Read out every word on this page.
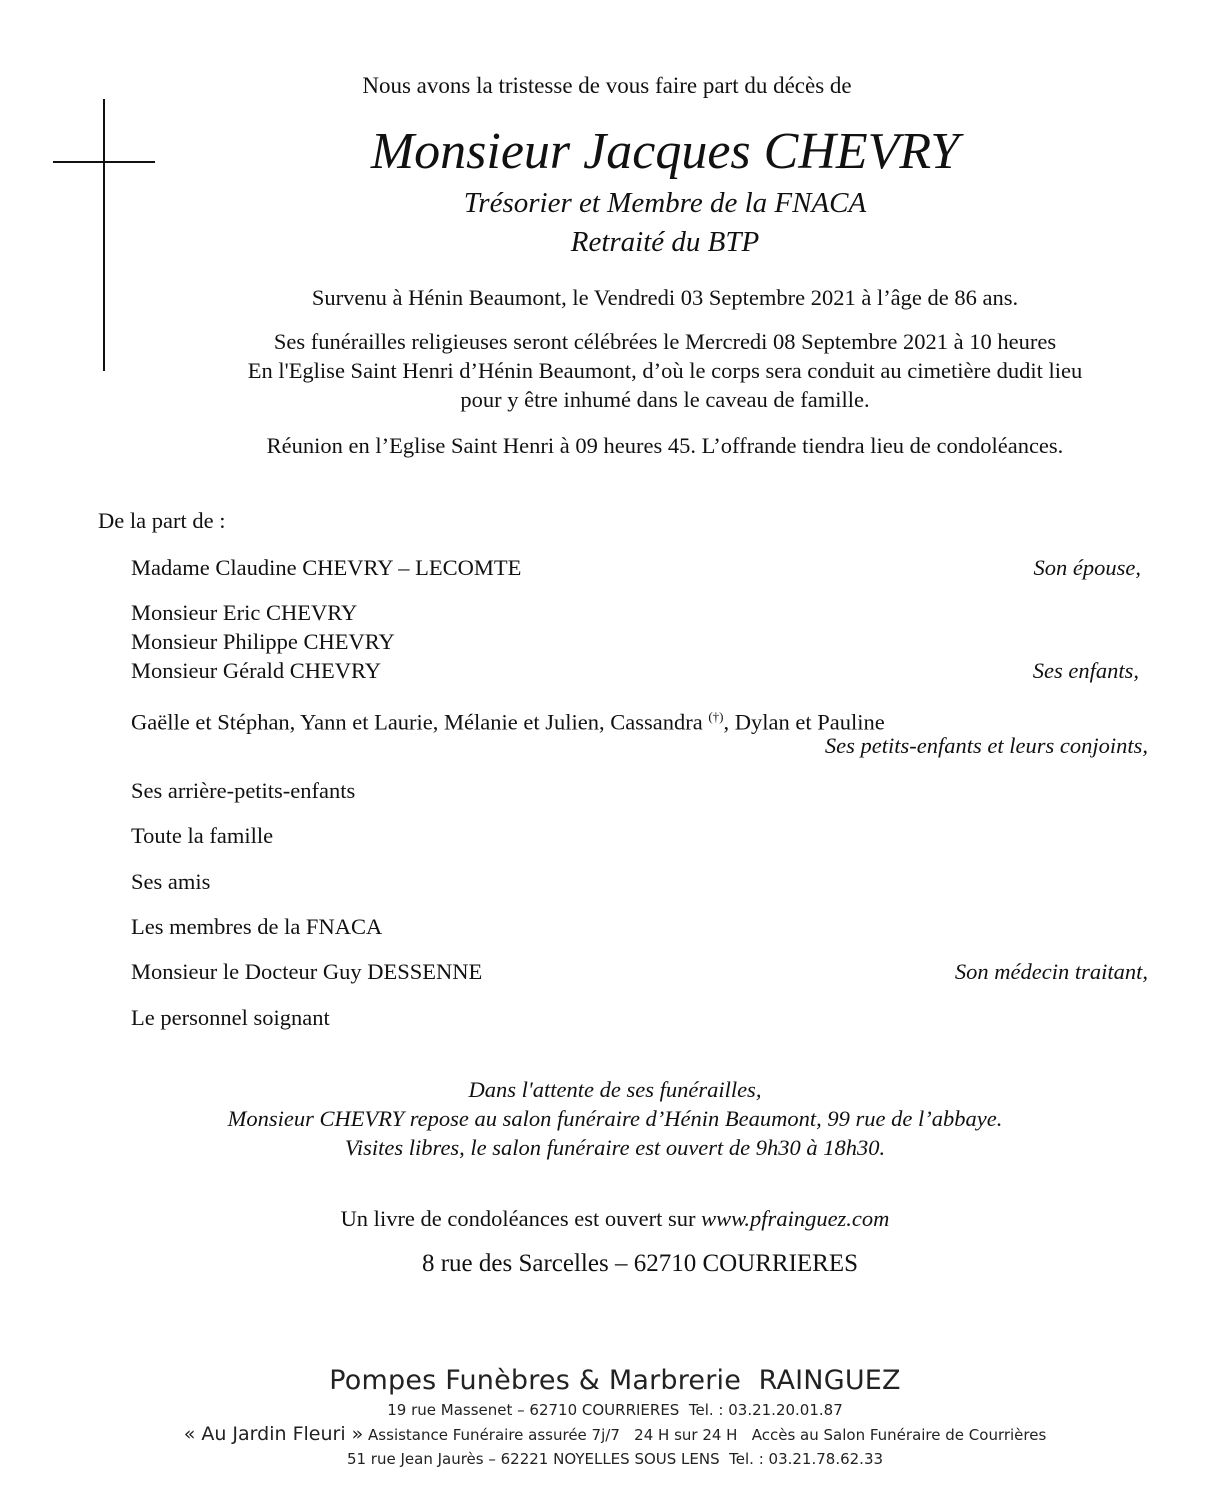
Nous avons la tristesse de vous faire part du décès de
Monsieur Jacques CHEVRY
Trésorier et Membre de la FNACA
Retraité du BTP
Survenu à Hénin Beaumont, le Vendredi 03 Septembre 2021 à l’âge de 86 ans.
Ses funérailles religieuses seront célébrées le Mercredi 08 Septembre 2021 à 10 heures
En l'Eglise Saint Henri d’Hénin Beaumont, d’où le corps sera conduit au cimetière dudit lieu
pour y être inhumé dans le caveau de famille.
Réunion en l’Eglise Saint Henri à 09 heures 45. L’offrande tiendra lieu de condoléances.
De la part de :
Madame Claudine CHEVRY – LECOMTE	Son épouse,
Monsieur Eric CHEVRY
Monsieur Philippe CHEVRY
Monsieur Gérald CHEVRY	Ses enfants,
Gaëlle et Stéphan, Yann et Laurie, Mélanie et Julien, Cassandra (†), Dylan et Pauline
Ses petits-enfants et leurs conjoints,
Ses arrière-petits-enfants
Toute la famille
Ses amis
Les membres de la FNACA
Monsieur le Docteur Guy DESSENNE	Son médecin traitant,
Le personnel soignant
Dans l'attente de ses funérailles,
Monsieur CHEVRY repose au salon funéraire d’Hénin Beaumont, 99 rue de l’abbaye.
Visites libres, le salon funéraire est ouvert de 9h30 à 18h30.
Un livre de condoléances est ouvert sur www.pfrainguez.com
8 rue des Sarcelles – 62710 COURRIERES
Pompes Funèbres & Marbrerie  RAINGUEZ
19 rue Massenet – 62710 COURRIERES  Tel. : 03.21.20.01.87
« Au Jardin Fleuri » Assistance Funéraire assurée 7j/7   24 H sur 24 H   Accès au Salon Funéraire de Courrières
51 rue Jean Jaurès – 62221 NOYELLES SOUS LENS  Tel. : 03.21.78.62.33
